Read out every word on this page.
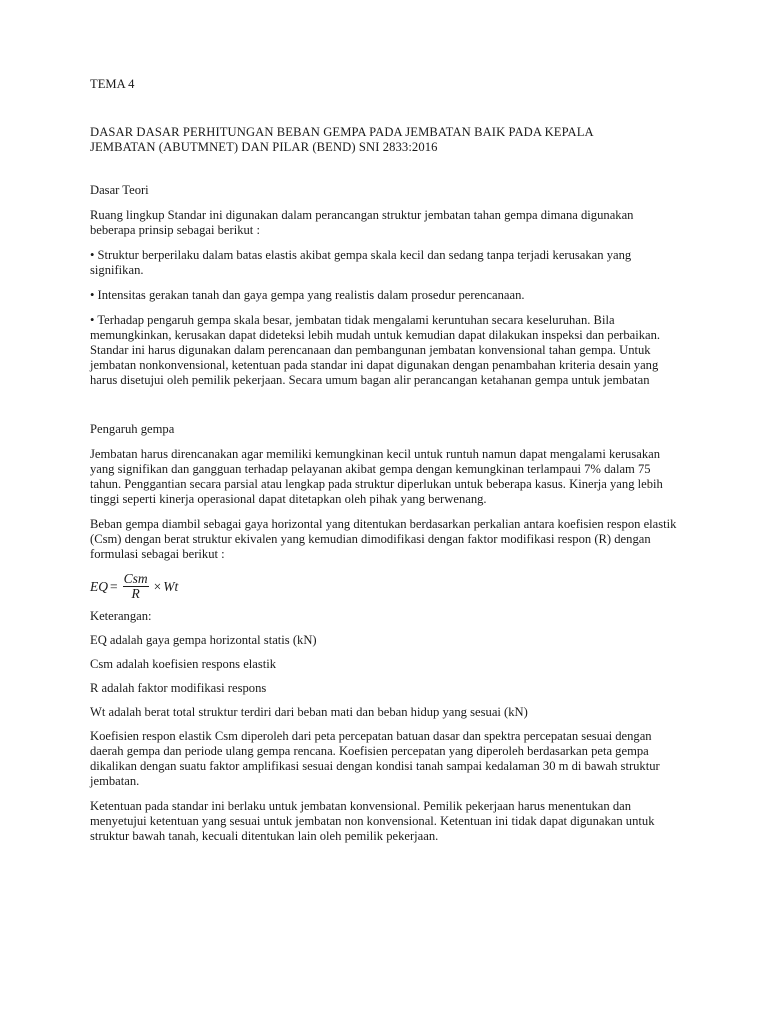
TEMA 4

DASAR DASAR PERHITUNGAN BEBAN GEMPA PADA JEMBATAN BAIK PADA KEPALA

JEMBATAN (ABUTMNET) DAN PILAR (BEND) SNI 2833:2016

Dasar Teori

Ruang lingkup Standar ini digunakan dalam perancangan struktur jembatan tahan gempa dimana digunakan beberapa prinsip sebagai berikut :

• Struktur berperilaku dalam batas elastis akibat gempa skala kecil dan sedang tanpa terjadi kerusakan yang signifikan.

• Intensitas gerakan tanah dan gaya gempa yang realistis dalam prosedur perencanaan.

• Terhadap pengaruh gempa skala besar, jembatan tidak mengalami keruntuhan secara keseluruhan. Bila memungkinkan, kerusakan dapat dideteksi lebih mudah untuk kemudian dapat dilakukan inspeksi dan perbaikan. Standar ini harus digunakan dalam perencanaan dan pembangunan jembatan konvensional tahan gempa. Untuk jembatan nonkonvensional, ketentuan pada standar ini dapat digunakan dengan penambahan kriteria desain yang harus disetujui oleh pemilik pekerjaan. Secara umum bagan alir perancangan ketahanan gempa untuk jembatan

Pengaruh gempa

Jembatan harus direncanakan agar memiliki kemungkinan kecil untuk runtuh namun dapat mengalami kerusakan yang signifikan dan gangguan terhadap pelayanan akibat gempa dengan kemungkinan terlampaui 7% dalam 75 tahun. Penggantian secara parsial atau lengkap pada struktur diperlukan untuk beberapa kasus. Kinerja yang lebih tinggi seperti kinerja operasional dapat ditetapkan oleh pihak yang berwenang.

Beban gempa diambil sebagai gaya horizontal yang ditentukan berdasarkan perkalian antara koefisien respon elastik (Csm) dengan berat struktur ekivalen yang kemudian dimodifikasi dengan faktor modifikasi respon (R) dengan formulasi sebagai berikut :

EQ = $\frac{\text{Csm}}{R} \times Wt$

Keterangan:

EQ adalah gaya gempa horizontal statis (kN)

Csm adalah koefisien respons elastik

R adalah faktor modifikasi respons

Wt adalah berat total struktur terdiri dari beban mati dan beban hidup yang sesuai (kN)

Koefisien respon elastik Csm diperoleh dari peta percepatan batuan dasar dan spektra percepatan sesuai dengan daerah gempa dan periode ulang gempa rencana. Koefisien percepatan yang diperoleh berdasarkan peta gempa dikalikan dengan suatu faktor amplifikasi sesuai dengan kondisi tanah sampai kedalaman 30 m di bawah struktur jembatan.

Ketentuan pada standar ini berlaku untuk jembatan konvensional. Pemilik pekerjaan harus menentukan dan menyetujui ketentuan yang sesuai untuk jembatan non konvensional. Ketentuan ini tidak dapat digunakan untuk struktur bawah tanah, kecuali ditentukan lain oleh pemilik pekerjaan.
